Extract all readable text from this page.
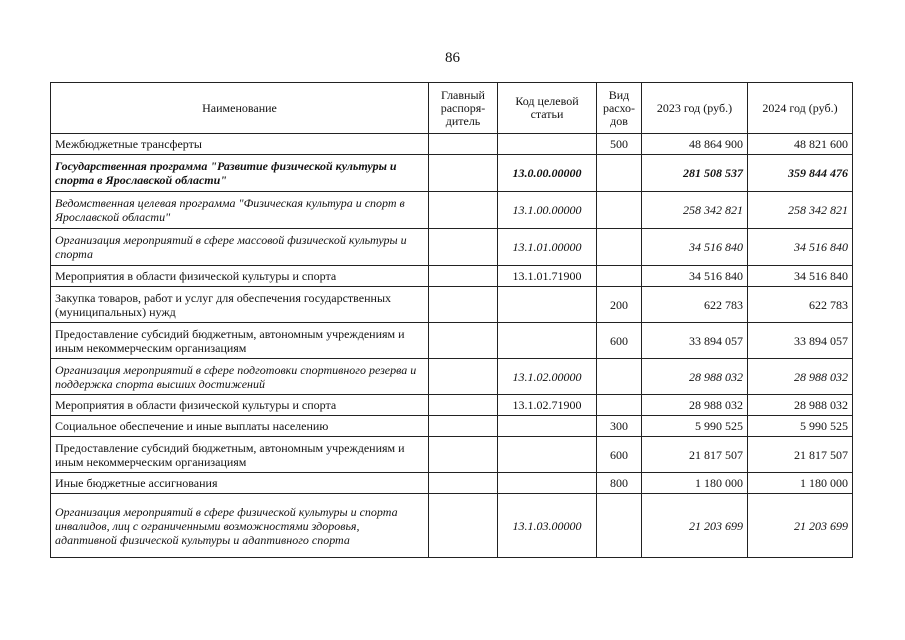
86
Наименование	Главный распоря-дитель	Код целевой статьи	Вид расхо-дов	2023 год (руб.)	2024 год (руб.)
Межбюджетные трансферты			500	48 864 900	48 821 600
Государственная программа "Развитие физической культуры и спорта в Ярославской области"		13.0.00.00000		281 508 537	359 844 476
Ведомственная целевая программа "Физическая культура и спорт в Ярославской области"		13.1.00.00000		258 342 821	258 342 821
Организация мероприятий в сфере массовой физической культуры и спорта		13.1.01.00000		34 516 840	34 516 840
Мероприятия в области физической культуры и спорта		13.1.01.71900		34 516 840	34 516 840
Закупка товаров, работ и услуг для обеспечения государственных (муниципальных) нужд			200	622 783	622 783
Предоставление субсидий бюджетным, автономным учреждениям и иным некоммерческим организациям			600	33 894 057	33 894 057
Организация мероприятий в сфере подготовки спортивного резерва и поддержка спорта высших достижений		13.1.02.00000		28 988 032	28 988 032
Мероприятия в области физической культуры и спорта		13.1.02.71900		28 988 032	28 988 032
Социальное обеспечение и иные выплаты населению			300	5 990 525	5 990 525
Предоставление субсидий бюджетным, автономным учреждениям и иным некоммерческим организациям			600	21 817 507	21 817 507
Иные бюджетные ассигнования			800	1 180 000	1 180 000
Организация мероприятий в сфере физической культуры и спорта инвалидов, лиц с ограниченными возможностями здоровья, адаптивной физической культуры и адаптивного спорта		13.1.03.00000		21 203 699	21 203 699
